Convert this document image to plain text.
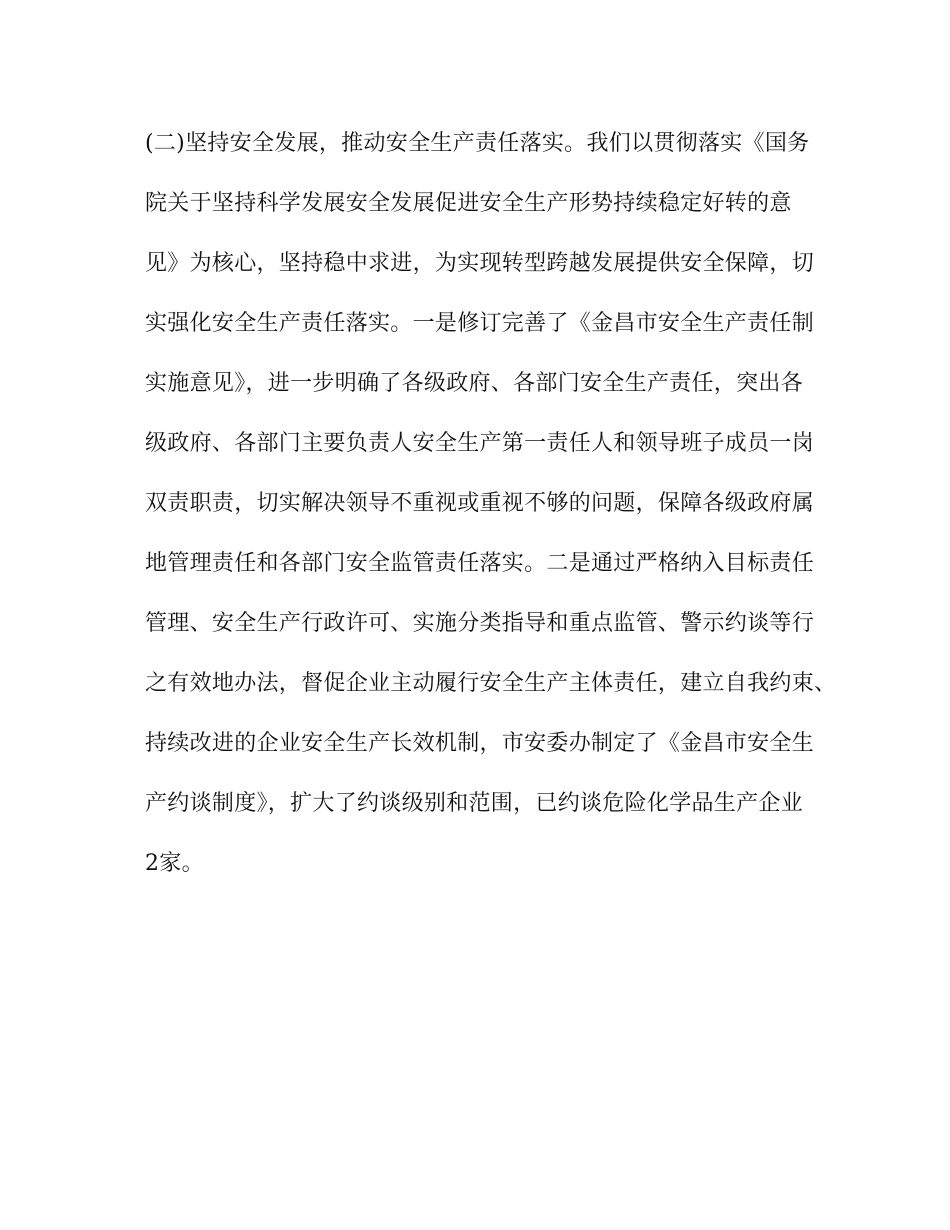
(二)坚持安全发展，推动安全生产责任落实。我们以贯彻落实《国务
院关于坚持科学发展安全发展促进安全生产形势持续稳定好转的意
见》为核心，坚持稳中求进，为实现转型跨越发展提供安全保障，切
实强化安全生产责任落实。一是修订完善了《金昌市安全生产责任制
实施意见》，进一步明确了各级政府、各部门安全生产责任，突出各
级政府、各部门主要负责人安全生产第一责任人和领导班子成员一岗
双责职责，切实解决领导不重视或重视不够的问题，保障各级政府属
地管理责任和各部门安全监管责任落实。二是通过严格纳入目标责任
管理、安全生产行政许可、实施分类指导和重点监管、警示约谈等行
之有效地办法，督促企业主动履行安全生产主体责任，建立自我约束、
持续改进的企业安全生产长效机制，市安委办制定了《金昌市安全生
产约谈制度》，扩大了约谈级别和范围，已约谈危险化学品生产企业
2家。
